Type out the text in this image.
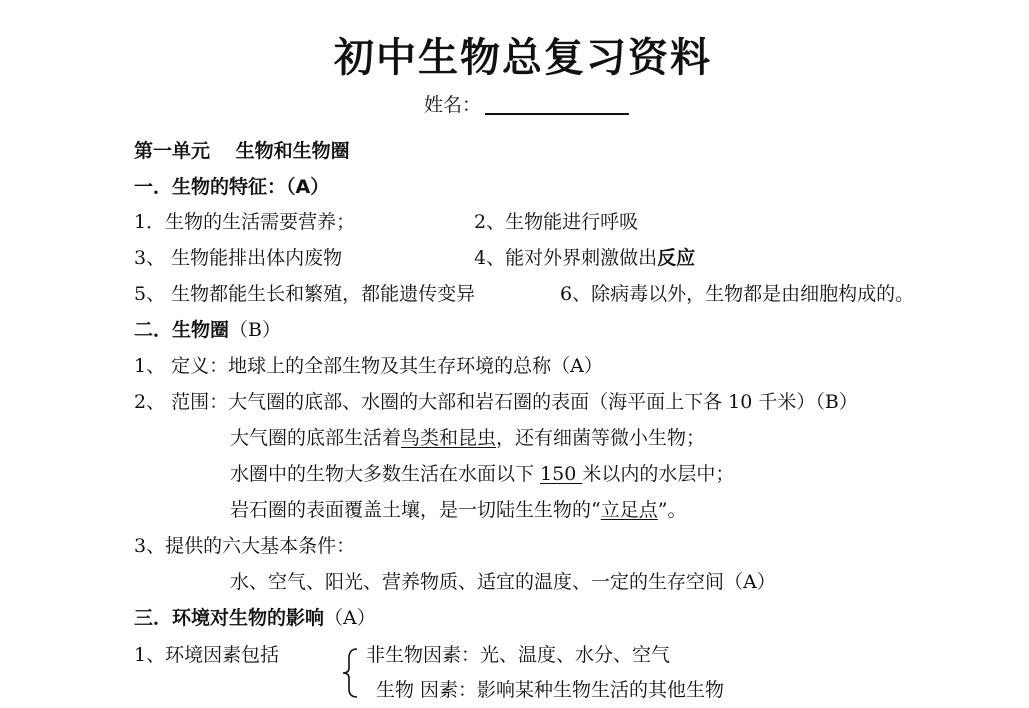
初中生物总复习资料
姓名：
第一单元　 生物和生物圈
一．生物的特征：（A）
1．生物的生活需要营养；	2、生物能进行呼吸
3、 生物能排出体内废物	4、能对外界刺激做出反应
5、 生物都能生长和繁殖，都能遗传变异	6、除病毒以外，生物都是由细胞构成的。
二．生物圈（B）
1、 定义：地球上的全部生物及其生存环境的总称（A）
2、 范围：大气圈的底部、水圈的大部和岩石圈的表面（海平面上下各 10 千米）（B）
大气圈的底部生活着鸟类和昆虫，还有细菌等微小生物；
水圈中的生物大多数生活在水面以下 150 米以内的水层中；
岩石圈的表面覆盖土壤，是一切陆生生物的“立足点”。
3、提供的六大基本条件：
水、空气、阳光、营养物质、适宜的温度、一定的生存空间（A）
三．环境对生物的影响（A）
1、环境因素包括	非生物因素：光、温度、水分、空气
生物 因素：影响某种生物生活的其他生物
